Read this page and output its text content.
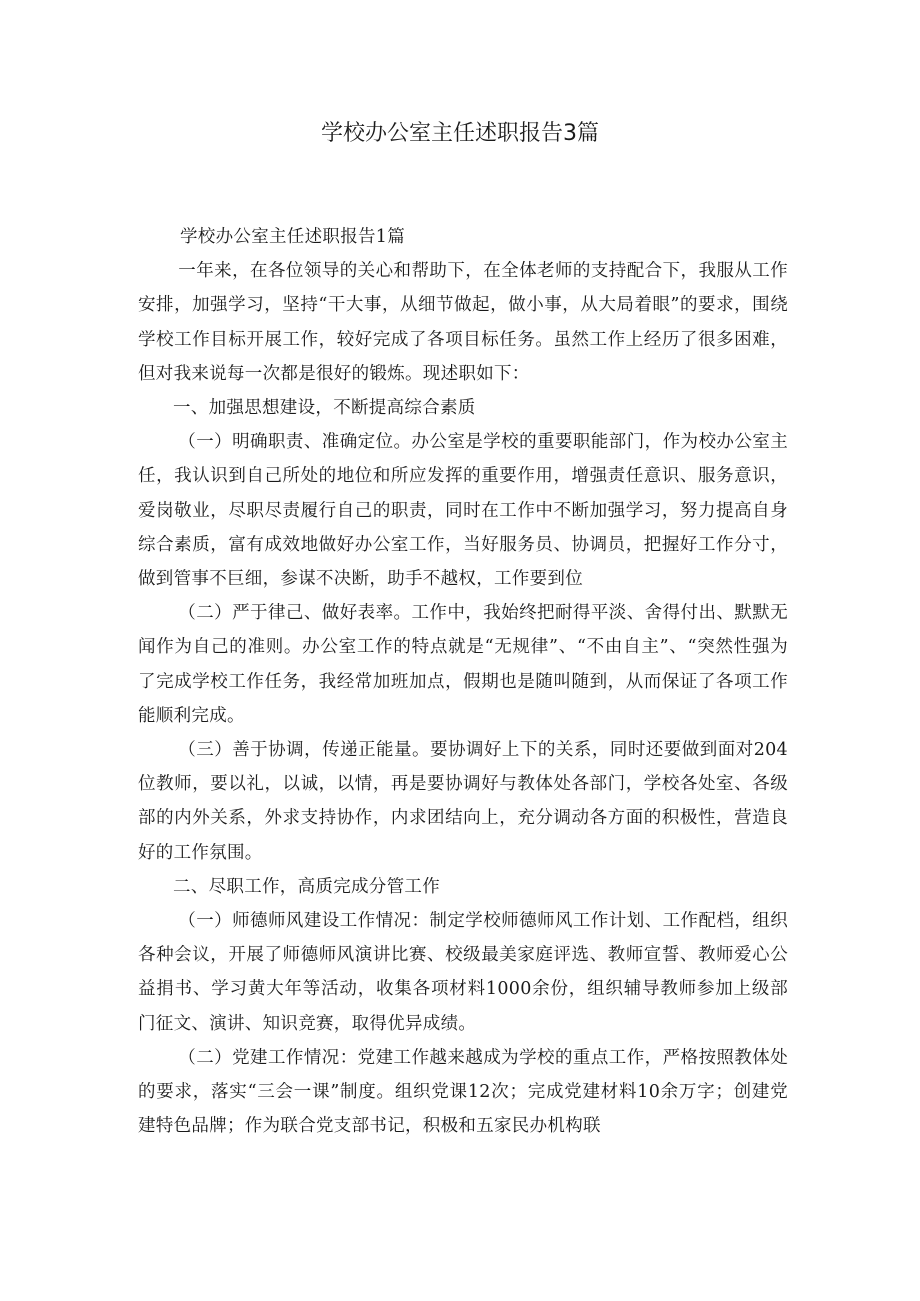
学校办公室主任述职报告3篇

学校办公室主任述职报告1篇

一年来，在各位领导的关心和帮助下，在全体老师的支持配合下，我服从工作安排，加强学习，坚持“干大事，从细节做起，做小事，从大局着眼”的要求，围绕学校工作目标开展工作，较好完成了各项目标任务。虽然工作上经历了很多困难，但对我来说每一次都是很好的锻炼。现述职如下：

一、加强思想建设，不断提高综合素质

（一）明确职责、准确定位。办公室是学校的重要职能部门，作为校办公室主任，我认识到自己所处的地位和所应发挥的重要作用，增强责任意识、服务意识，爱岗敬业，尽职尽责履行自己的职责，同时在工作中不断加强学习，努力提高自身综合素质，富有成效地做好办公室工作，当好服务员、协调员，把握好工作分寸，做到管事不巨细，参谋不决断，助手不越权，工作要到位

（二）严于律己、做好表率。工作中，我始终把耐得平淡、舍得付出、默默无闻作为自己的准则。办公室工作的特点就是“无规律”、“不由自主”、“突然性强为了完成学校工作任务，我经常加班加点，假期也是随叫随到，从而保证了各项工作能顺利完成。

（三）善于协调，传递正能量。要协调好上下的关系，同时还要做到面对204位教师，要以礼，以诚，以情，再是要协调好与教体处各部门，学校各处室、各级部的内外关系，外求支持协作，内求团结向上，充分调动各方面的积极性，营造良好的工作氛围。

二、尽职工作，高质完成分管工作

（一）师德师风建设工作情况：制定学校师德师风工作计划、工作配档，组织各种会议，开展了师德师风演讲比赛、校级最美家庭评选、教师宣誓、教师爱心公益捐书、学习黄大年等活动，收集各项材料1000余份，组织辅导教师参加上级部门征文、演讲、知识竞赛，取得优异成绩。

（二）党建工作情况：党建工作越来越成为学校的重点工作，严格按照教体处的要求，落实“三会一课”制度。组织党课12次；完成党建材料10余万字；创建党建特色品牌；作为联合党支部书记，积极和五家民办机构联
